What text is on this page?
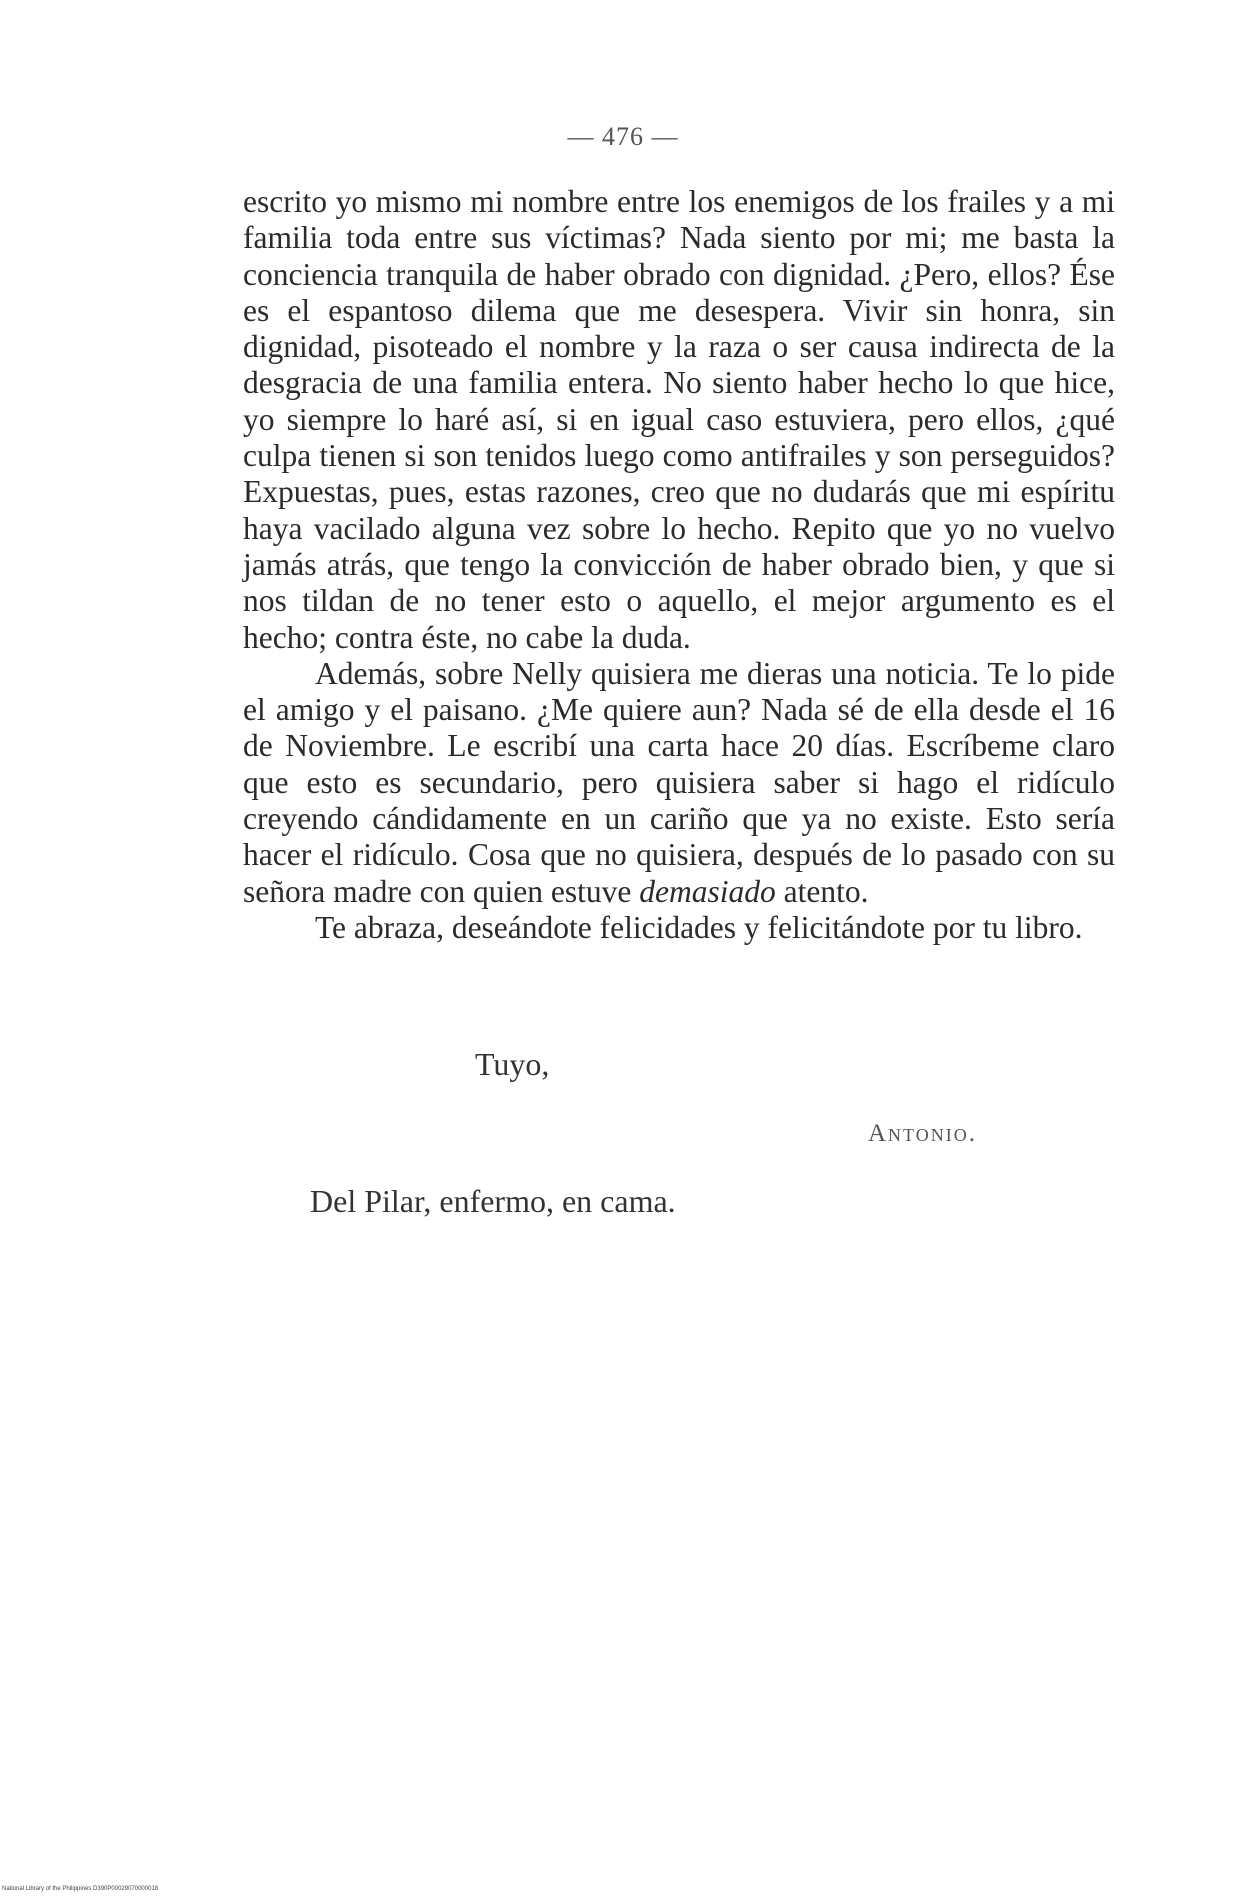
— 476 —

escrito yo mismo mi nombre entre los enemigos de los frailes y a mi familia toda entre sus víctimas? Nada siento por mi; me basta la conciencia tranquila de haber obrado con dignidad. ¿Pero, ellos? Ése es el espantoso dilema que me desespera. Vivir sin honra, sin dignidad, pisoteado el nombre y la raza o ser causa indirecta de la desgracia de una familia entera. No siento haber hecho lo que hice, yo siempre lo haré así, si en igual caso estuviera, pero ellos, ¿qué culpa tienen si son tenidos luego como antifrailes y son perseguidos? Expuestas, pues, estas razones, creo que no dudarás que mi espíritu haya vacilado alguna vez sobre lo hecho. Repito que yo no vuelvo jamás atrás, que tengo la convicción de haber obrado bien, y que si nos tildan de no tener esto o aquello, el mejor argumento es el hecho; contra éste, no cabe la duda.

Además, sobre Nelly quisiera me dieras una noticia. Te lo pide el amigo y el paisano. ¿Me quiere aun? Nada sé de ella desde el 16 de Noviembre. Le escribí una carta hace 20 días. Escríbeme claro que esto es secundario, pero quisiera saber si hago el ridículo creyendo cándidamente en un cariño que ya no existe. Esto sería hacer el ridículo. Cosa que no quisiera, después de lo pasado con su señora madre con quien estuve demasiado atento.

Te abraza, deseándote felicidades y felicitándote por tu libro.

Tuyo,
Antonio.
Del Pilar, enfermo, en cama.
National Library of the Philippines D390P00029070000018
